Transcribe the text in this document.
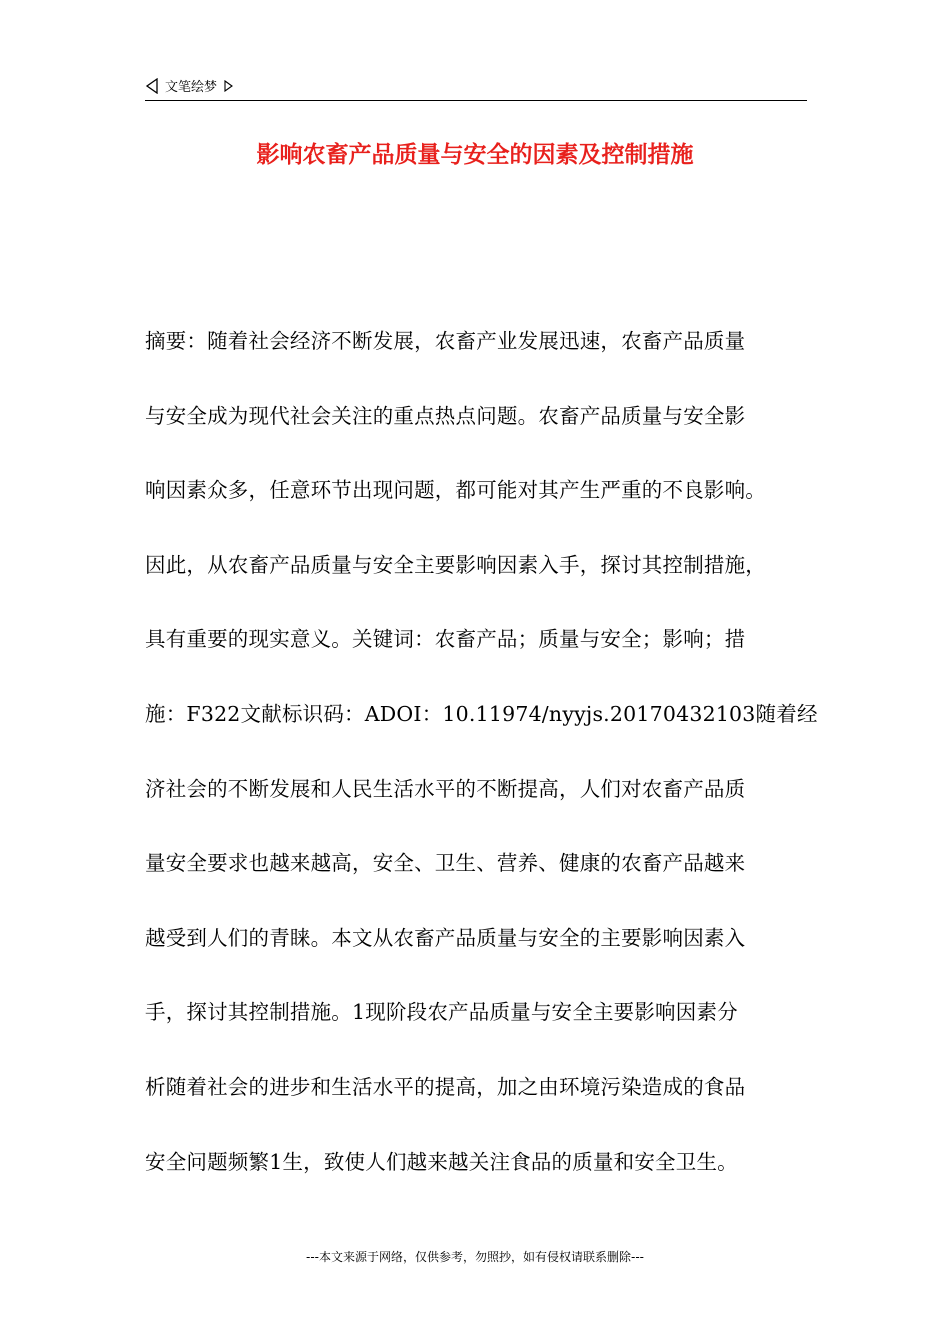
文笔绘梦
影响农畜产品质量与安全的因素及控制措施
摘要：随着社会经济不断发展，农畜产业发展迅速，农畜产品质量
与安全成为现代社会关注的重点热点问题。农畜产品质量与安全影
响因素众多，任意环节出现问题，都可能对其产生严重的不良影响。
因此，从农畜产品质量与安全主要影响因素入手，探讨其控制措施，
具有重要的现实意义。关键词：农畜产品；质量与安全；影响；措
施：F322文献标识码：ADOI：10.11974/nyyjs.20170432103随着经
济社会的不断发展和人民生活水平的不断提高，人们对农畜产品质
量安全要求也越来越高，安全、卫生、营养、健康的农畜产品越来
越受到人们的青睐。本文从农畜产品质量与安全的主要影响因素入
手，探讨其控制措施。1现阶段农产品质量与安全主要影响因素分
析随着社会的进步和生活水平的提高，加之由环境污染造成的食品
安全问题频繁1生，致使人们越来越关注食品的质量和安全卫生。
---本文来源于网络，仅供参考，勿照抄，如有侵权请联系删除---
